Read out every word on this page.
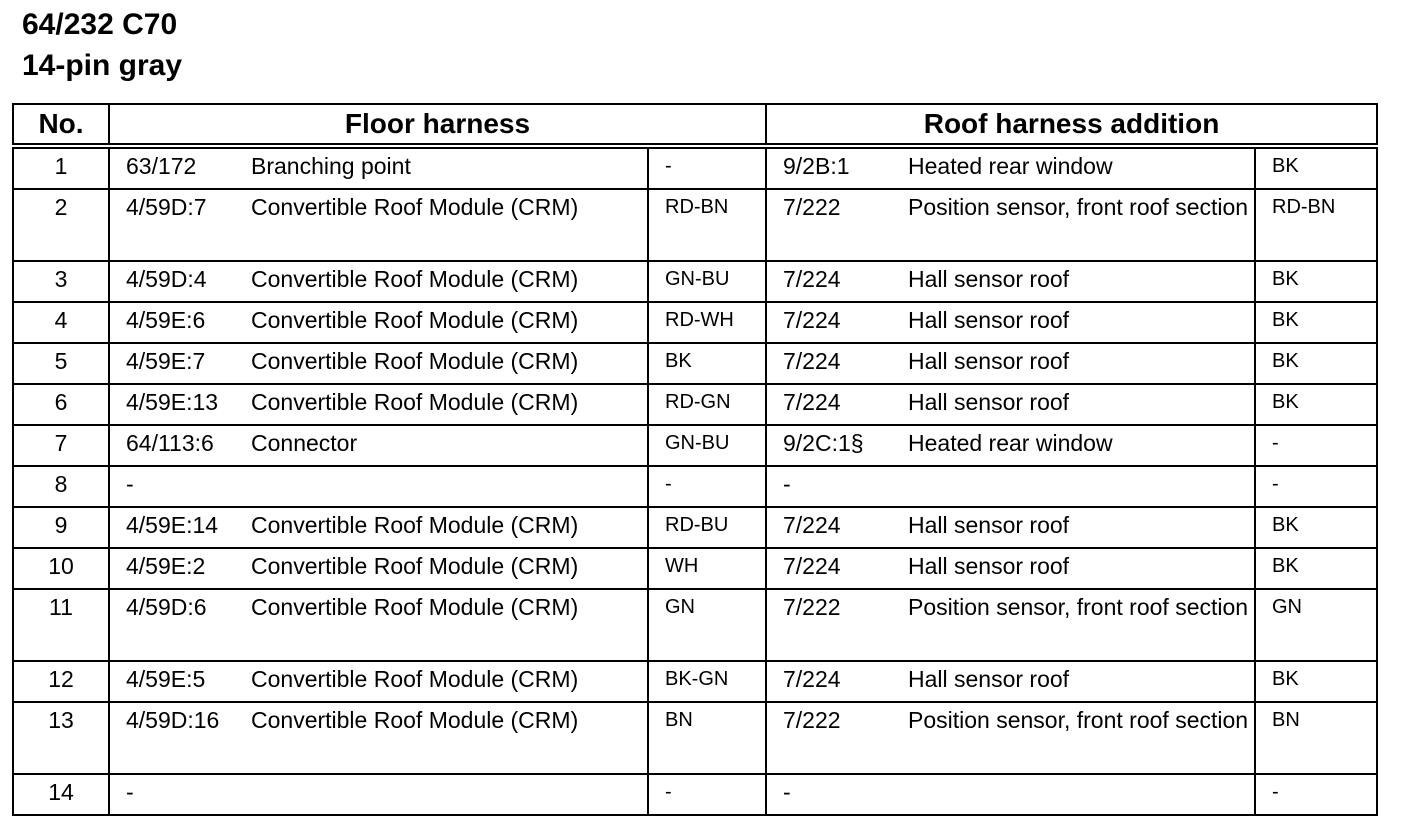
64/232 C70
14-pin gray
No.	Floor harness			Roof harness addition		
1	63/172	Branching point	-	9/2B:1	Heated rear window	BK
2	4/59D:7	Convertible Roof Module (CRM)	RD-BN	7/222	Position sensor, front roof section	RD-BN
3	4/59D:4	Convertible Roof Module (CRM)	GN-BU	7/224	Hall sensor roof	BK
4	4/59E:6	Convertible Roof Module (CRM)	RD-WH	7/224	Hall sensor roof	BK
5	4/59E:7	Convertible Roof Module (CRM)	BK	7/224	Hall sensor roof	BK
6	4/59E:13	Convertible Roof Module (CRM)	RD-GN	7/224	Hall sensor roof	BK
7	64/113:6	Connector	GN-BU	9/2C:1§	Heated rear window	-
8	-		-	-		-
9	4/59E:14	Convertible Roof Module (CRM)	RD-BU	7/224	Hall sensor roof	BK
10	4/59E:2	Convertible Roof Module (CRM)	WH	7/224	Hall sensor roof	BK
11	4/59D:6	Convertible Roof Module (CRM)	GN	7/222	Position sensor, front roof section	GN
12	4/59E:5	Convertible Roof Module (CRM)	BK-GN	7/224	Hall sensor roof	BK
13	4/59D:16	Convertible Roof Module (CRM)	BN	7/222	Position sensor, front roof section	BN
14	-		-	-		-
